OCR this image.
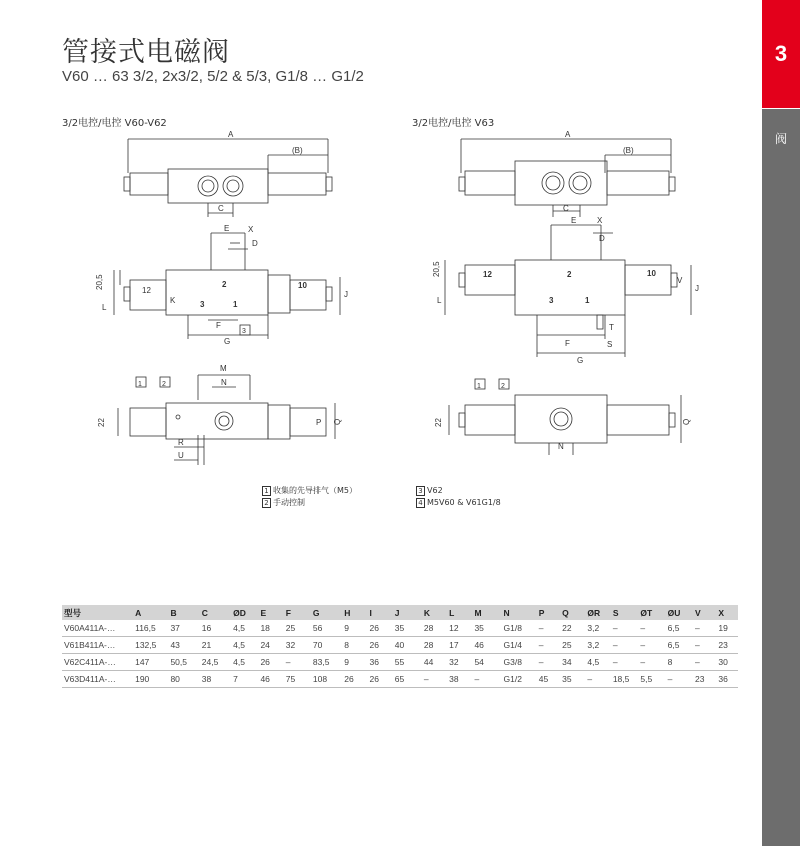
管接式电磁阀
V60 … 63 3/2, 2x3/2, 5/2 & 5/3, G1/8 … G1/2
3
阀
3/2电控/电控 V60-V62	3/2电控/电控 V63
A
(B)
C
E X
D
20,5
L
K
J
F
G
12
10
2
3	1
3
M
N
1	2
22	Q
P
R
U
A
(B)
C
E	X
D
20,5
L
V
J
T
F	S
G
12	10
2
3	1
1	2
22	Q
N
1 收集的先导排气（M5）
2 手动控制
3 V62
4 M5V60 & V61G1/8
型号	A	B	C	ØD	E	F	G	H	I	J	K	L	M	N	P	Q	ØR	S	ØT	ØU	V	X
V60A411A-…	116,5	37	16	4,5	18	25	56	9	26	35	28	12	35	G1/8	–	22	3,2	–	–	6,5	–	19
V61B411A-…	132,5	43	21	4,5	24	32	70	8	26	40	28	17	46	G1/4	–	25	3,2	–	–	6,5	–	23
V62C411A-…	147	50,5	24,5	4,5	26	–	83,5	9	36	55	44	32	54	G3/8	–	34	4,5	–	–	8	–	30
V63D411A-…	190	80	38	7	46	75	108	26	26	65	–	38	–	G1/2	45	35	–	18,5	5,5	–	23	36
